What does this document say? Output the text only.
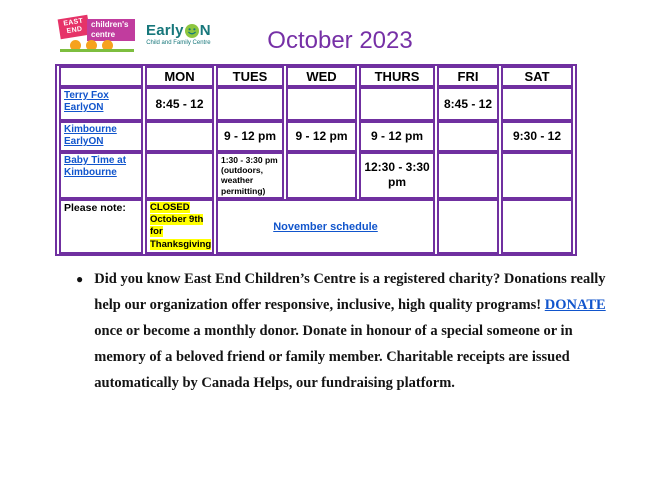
EAST
END
children's
centre	Early N
Child and Family Centre	October 2023
	MON	TUES	WED	THURS	FRI	SAT
Terry Fox EarlyON	8:45 - 12				8:45 - 12	
Kimbourne EarlyON		9 - 12 pm	9 - 12 pm	9 - 12 pm		9:30 - 12
Baby Time at Kimbourne		1:30 - 3:30 pm (outdoors, weather permitting)		12:30 - 3:30 pm		
Please note:	CLOSED October 9th for Thanksgiving	November schedule				
● Did you know East End Children’s Centre is a registered charity? Donations really help our organization offer responsive, inclusive, high quality programs! DONATE once or become a monthly donor. Donate in honour of a special someone or in memory of a beloved friend or family member. Charitable receipts are issued automatically by Canada Helps, our fundraising platform.
